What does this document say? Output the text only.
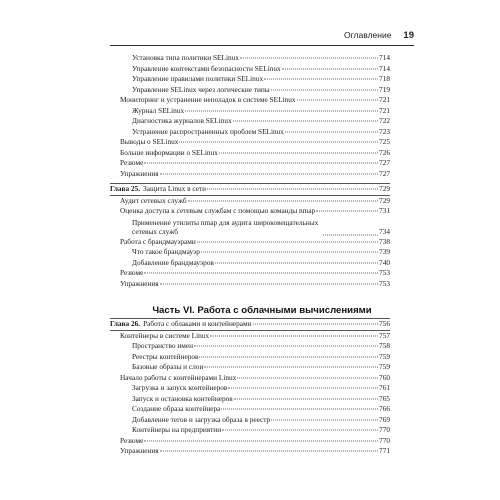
Оглавление 19
Установка типа политики SELinux	714
Управление контекстами безопасности SELinux	714
Управление правилами политики SELinux	718
Управление SELinux через логические типы	719
Мониторинг и устранение неполадок в системе SELinux	721
Журнал SELinux	721
Диагностика журналов SELinux	722
Устранение распространенных проблем SELinux	723
Выводы о SELinux	725
Больше информации о SELinux	726
Резюме	727
Упражнения	727
Глава 25. Защита Linux в сети	729
Аудит сетевых служб	729
Оценка доступа к сетевым службам с помощью команды nmap	731
Применение утилиты nmap для аудита широковещательных сетевых служб	734
Работа с брандмауэрами	738
Что такое брандмауэр	739
Добавление брандмауэров	740
Резюме	753
Упражнения	753
Часть VI. Работа с облачными вычислениями
Глава 26. Работа с облаками и контейнерами	756
Контейнеры в системе Linux	757
Пространство имен	758
Реестры контейнеров	759
Базовые образы и слои	759
Начало работы с контейнерами Linux	760
Загрузка и запуск контейнеров	761
Запуск и остановка контейнеров	765
Создание образа контейнера	766
Добавление тегов и загрузка образа в реестр	769
Контейнеры на предприятии	770
Резюме	770
Упражнения	771
